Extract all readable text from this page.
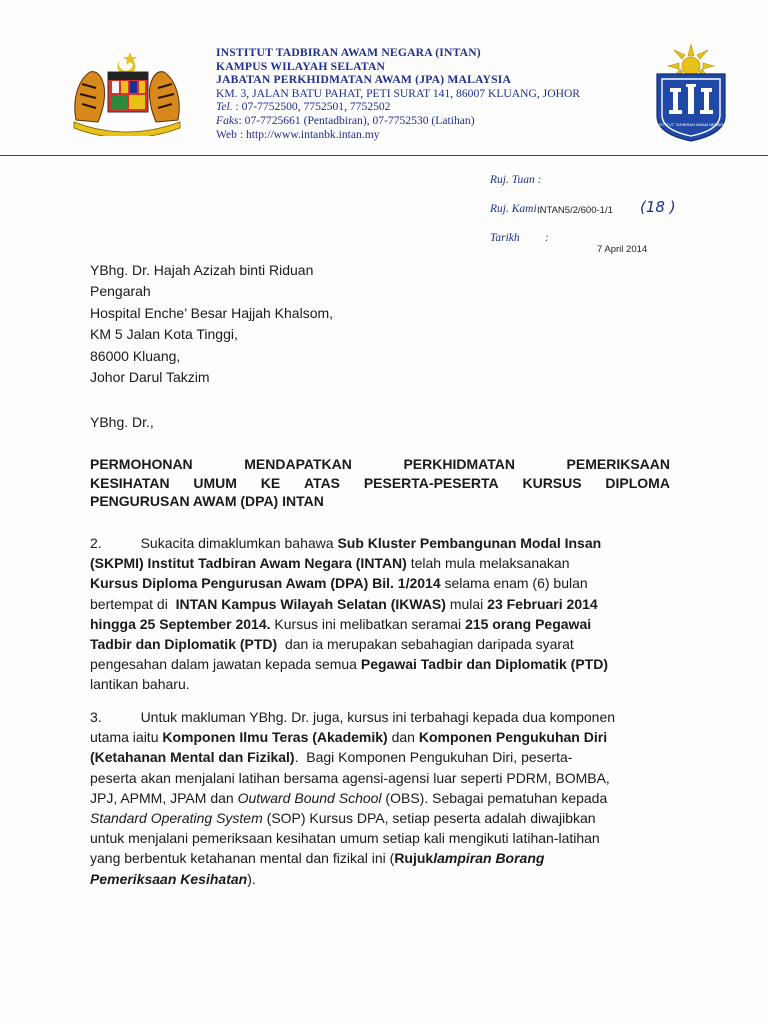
INSTITUT TADBIRAN AWAM NEGARA (INTAN)
KAMPUS WILAYAH SELATAN
JABATAN PERKHIDMATAN AWAM (JPA) MALAYSIA
KM. 3, JALAN BATU PAHAT, PETI SURAT 141, 86007 KLUANG, JOHOR
Tel. : 07-7752500, 7752501, 7752502
Faks: 07-7725661 (Pentadbiran), 07-7752530 (Latihan)
Web : http://www.intanbk.intan.my
INSTITUT TADBIRAN AWAM NEGARA
Ruj. Tuan :
Ruj. Kami :
INTAN5/2/600-1/1 (18 )
Tarikh :
7 April 2014
YBhg. Dr. Hajah Azizah binti Riduan
Pengarah
Hospital Enche’ Besar Hajjah Khalsom,
KM 5 Jalan Kota Tinggi,
86000 Kluang,
Johor Darul Takzim
YBhg. Dr.,
PERMOHONAN	MENDAPATKAN	PERKHIDMATAN	PEMERIKSAAN
KESIHATAN UMUM KE ATAS PESERTA-PESERTA KURSUS DIPLOMA
PENGURUSAN AWAM (DPA) INTAN
2.          Sukacita dimaklumkan bahawa Sub Kluster Pembangunan Modal Insan
(SKPMI) Institut Tadbiran Awam Negara (INTAN) telah mula melaksanakan
Kursus Diploma Pengurusan Awam (DPA) Bil. 1/2014 selama enam (6) bulan
bertempat di INTAN Kampus Wilayah Selatan (IKWAS) mulai 23 Februari 2014
hingga 25 September 2014. Kursus ini melibatkan seramai 215 orang Pegawai
Tadbir dan Diplomatik (PTD) dan ia merupakan sebahagian daripada syarat
pengesahan dalam jawatan kepada semua Pegawai Tadbir dan Diplomatik (PTD)
lantikan baharu.
3.          Untuk makluman YBhg. Dr. juga, kursus ini terbahagi kepada dua komponen
utama iaitu Komponen Ilmu Teras (Akademik) dan Komponen Pengukuhan Diri
(Ketahanan Mental dan Fizikal) .  Bagi Komponen Pengukuhan Diri, peserta-
peserta akan menjalani latihan bersama agensi-agensi luar seperti PDRM, BOMBA,
JPJ, APMM, JPAM dan Outward Bound School (OBS). Sebagai pematuhan kepada
Standard Operating System (SOP) Kursus DPA, setiap peserta adalah diwajibkan
untuk menjalani pemeriksaan kesihatan umum setiap kali mengikuti latihan-latihan
yang berbentuk ketahanan mental dan fizikal ini ( Rujuk lampiran Borang
Pemeriksaan Kesihatan ).
